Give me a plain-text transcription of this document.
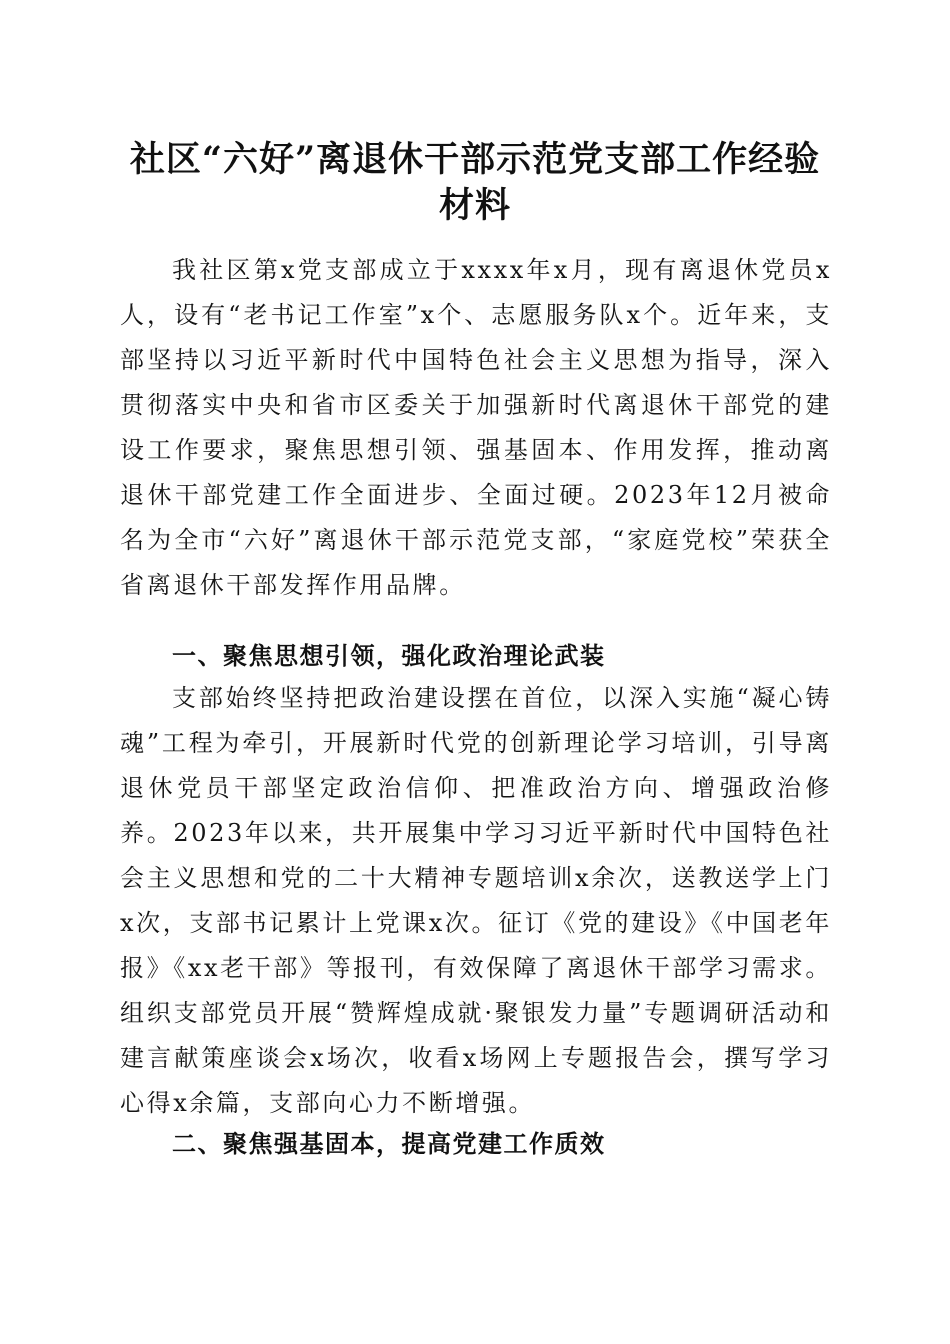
社区“六好”离退休干部示范党支部工作经验
材料

我社区第x党支部成立于xxxx年x月，现有离退休党员x人，设有“老书记工作室”x个、志愿服务队x个。近年来，支部坚持以习近平新时代中国特色社会主义思想为指导，深入贯彻落实中央和省市区委关于加强新时代离退休干部党的建设工作要求，聚焦思想引领、强基固本、作用发挥，推动离退休干部党建工作全面进步、全面过硬。2023年12月被命名为全市“六好”离退休干部示范党支部，“家庭党校”荣获全省离退休干部发挥作用品牌。

一、聚焦思想引领，强化政治理论武装

支部始终坚持把政治建设摆在首位，以深入实施“凝心铸魂”工程为牵引，开展新时代党的创新理论学习培训，引导离退休党员干部坚定政治信仰、把准政治方向、增强政治修养。2023年以来，共开展集中学习习近平新时代中国特色社会主义思想和党的二十大精神专题培训x余次，送教送学上门x次，支部书记累计上党课x次。征订《党的建设》《中国老年报》《xx老干部》等报刊，有效保障了离退休干部学习需求。组织支部党员开展“赞辉煌成就·聚银发力量”专题调研活动和建言献策座谈会x场次，收看x场网上专题报告会，撰写学习心得x余篇，支部向心力不断增强。

二、聚焦强基固本，提高党建工作质效
